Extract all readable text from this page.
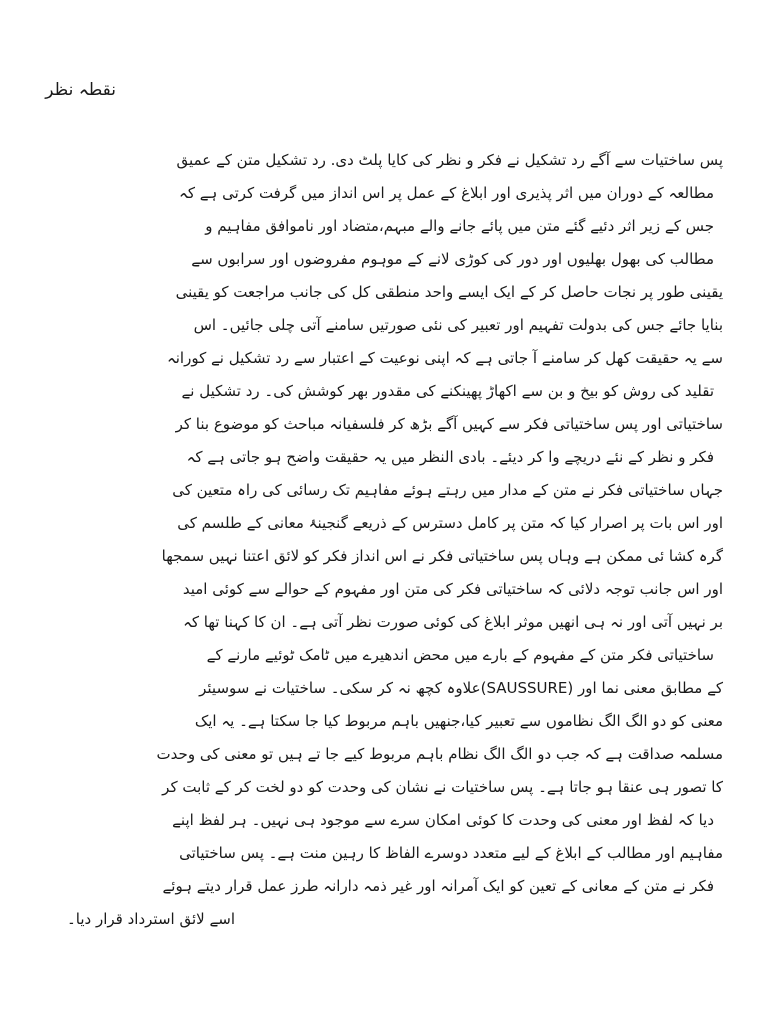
نقطہ نظر
پس ساختیات سے آگے رد تشکیل نے فکر و نظر کی کایا پلٹ دی. رد تشکیل متن کے عمیق
مطالعہ کے دوران میں اثر پذیری اور ابلاغ کے عمل پر اس انداز میں گرفت کرتی ہے کہ
جس کے زیر اثر دئیے گئے متن میں پائے جانے والے مبہم،متضاد اور ناموافق مفاہیم و
مطالب کی بھول بھلیوں اور دور کی کوڑی لانے کے موہوم مفروضوں اور سرابوں سے
یقینی طور پر نجات حاصل کر کے ایک ایسے واحد منطقی کل کی جانب مراجعت کو یقینی
بنایا جائے جس کی بدولت تفہیم اور تعبیر کی نئی صورتیں سامنے آتی چلی جائیں۔ اس
سے یہ حقیقت کھل کر سامنے آ جاتی ہے کہ اپنی نوعیت کے اعتبار سے رد تشکیل نے کورانہ
تقلید کی روش کو بیخ و بن سے اکھاڑ پھینکنے کی مقدور بھر کوشش کی۔ رد تشکیل نے
ساختیاتی اور پس ساختیاتی فکر سے کہیں آگے بڑھ کر فلسفیانہ مباحث کو موضوع بنا کر
فکر و نظر کے نئے دریچے وا کر دیئے۔ بادی النظر میں یہ حقیقت واضح ہو جاتی ہے کہ
جہاں ساختیاتی فکر نے متن کے مدار میں رہتے ہوئے مفاہیم تک رسائی کی راہ متعین کی
اور اس بات پر اصرار کیا کہ متن پر کامل دسترس کے ذریعے گنجینۂ معانی کے طلسم کی
گرہ کشا ئی ممکن ہے وہاں پس ساختیاتی فکر نے اس انداز فکر کو لائق اعتنا نہیں سمجھا
اور اس جانب توجہ دلائی کہ ساختیاتی فکر کی متن اور مفہوم کے حوالے سے کوئی امید
بر نہیں آتی اور نہ ہی انھیں موثر ابلاغ کی کوئی صورت نظر آتی ہے۔ ان کا کہنا تھا کہ
ساختیاتی فکر متن کے مفہوم کے بارے میں محض اندھیرے میں ٹامک ٹوئیے مارنے کے
کے مطابق معنی نما اور (SAUSSURE)علاوہ کچھ نہ کر سکی۔ ساختیات نے سوسیئر
معنی کو دو الگ الگ نظاموں سے تعبیر کیا،جنھیں باہم مربوط کیا جا سکتا ہے۔ یہ ایک
مسلمہ صداقت ہے کہ جب دو الگ الگ نظام باہم مربوط کیے جا تے ہیں تو معنی کی وحدت
کا تصور ہی عنقا ہو جاتا ہے۔ پس ساختیات نے نشان کی وحدت کو دو لخت کر کے ثابت کر
دیا کہ لفظ اور معنی کی وحدت کا کوئی امکان سرے سے موجود ہی نہیں۔ ہر لفظ اپنے
مفاہیم اور مطالب کے ابلاغ کے لیے متعدد دوسرے الفاظ کا رہین منت ہے۔ پس ساختیاتی
فکر نے متن کے معانی کے تعین کو ایک آمرانہ اور غیر ذمہ دارانہ طرز عمل قرار دیتے ہوئے
اسے لائق استرداد قرار دیا۔
